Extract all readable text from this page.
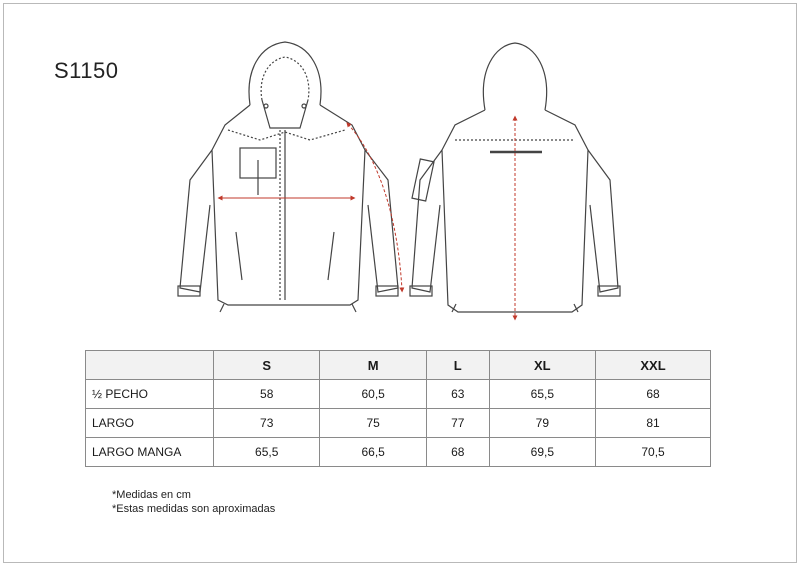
S1150
	S	M	L	XL	XXL
½ PECHO	58	60,5	63	65,5	68
LARGO	73	75	77	79	81
LARGO MANGA	65,5	66,5	68	69,5	70,5
*Medidas en cm
*Estas medidas son aproximadas
